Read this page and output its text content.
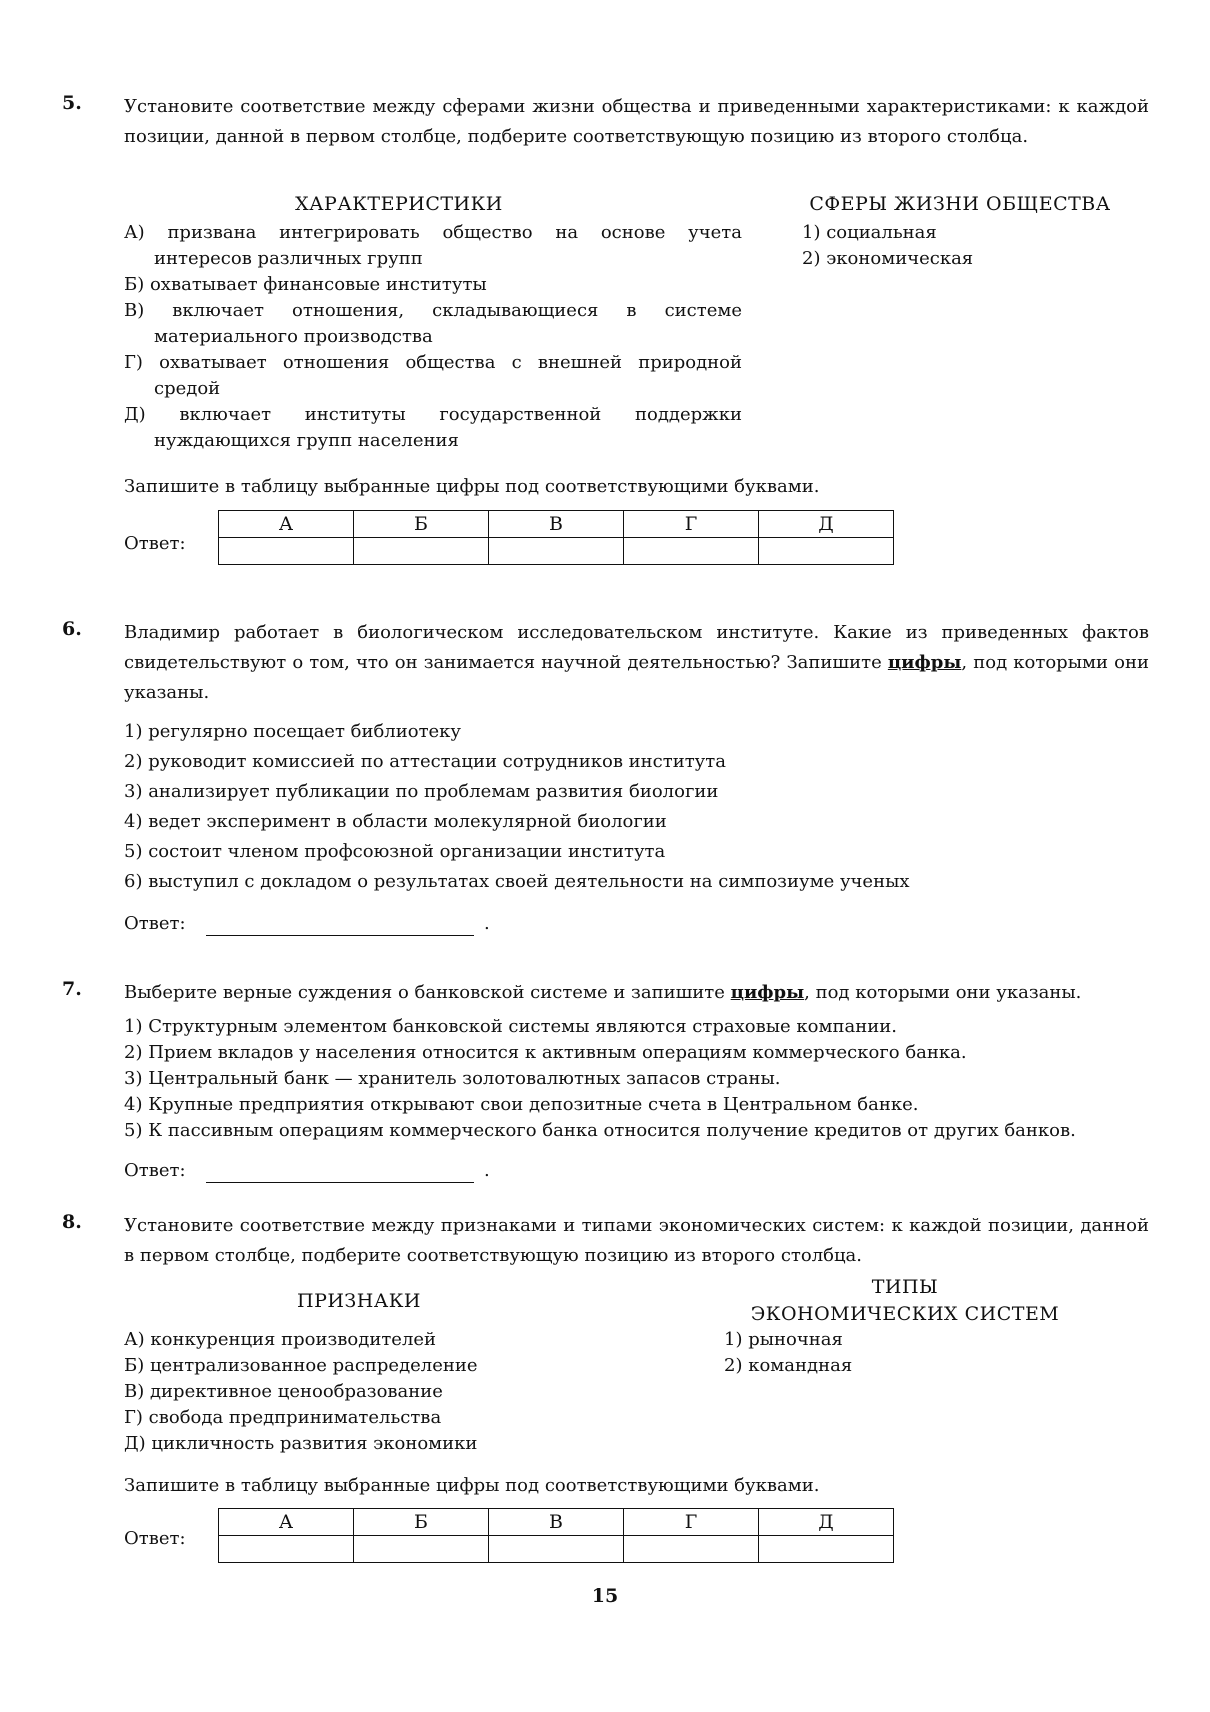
5. Установите соответствие между сферами жизни общества и приведенными характеристиками: к каждой позиции, данной в первом столбце, подберите соответствующую позицию из второго столбца.

ХАРАКТЕРИСТИКИ	СФЕРЫ ЖИЗНИ ОБЩЕСТВА
А) призвана интегрировать общество на основе учета интересов различных групп
Б) охватывает финансовые институты
В) включает отношения, складывающиеся в системе материального производства
Г) охватывает отношения общества с внешней природной средой
Д) включает институты государственной поддержки нуждающихся групп населения
1) социальная
2) экономическая
Запишите в таблицу выбранные цифры под соответствующими буквами.
Ответ:
А	Б	В	Г	Д

6. Владимир работает в биологическом исследовательском институте. Какие из приведенных фактов свидетельствуют о том, что он занимается научной деятельностью? Запишите цифры, под которыми они указаны.

1) регулярно посещает библиотеку
2) руководит комиссией по аттестации сотрудников института
3) анализирует публикации по проблемам развития биологии
4) ведет эксперимент в области молекулярной биологии
5) состоит членом профсоюзной организации института
6) выступил с докладом о результатах своей деятельности на симпозиуме ученых
Ответ:	.
7. Выберите верные суждения о банковской системе и запишите цифры, под которыми они указаны.

1) Структурным элементом банковской системы являются страховые компании.
2) Прием вкладов у населения относится к активным операциям коммерческого банка.
3) Центральный банк — хранитель золотовалютных запасов страны.
4) Крупные предприятия открывают свои депозитные счета в Центральном банке.
5) К пассивным операциям коммерческого банка относится получение кредитов от других банков.
Ответ:	.
8. Установите соответствие между признаками и типами экономических систем: к каждой позиции, данной в первом столбце, подберите соответствующую позицию из второго столбца.

ПРИЗНАКИ
ТИПЫ
ЭКОНОМИЧЕСКИХ СИСТЕМ
А) конкуренция производителей
Б) централизованное распределение
В) директивное ценообразование
Г) свобода предпринимательства
Д) цикличность развития экономики
1) рыночная
2) командная
Запишите в таблицу выбранные цифры под соответствующими буквами.
Ответ:
А	Б	В	Г	Д

15
